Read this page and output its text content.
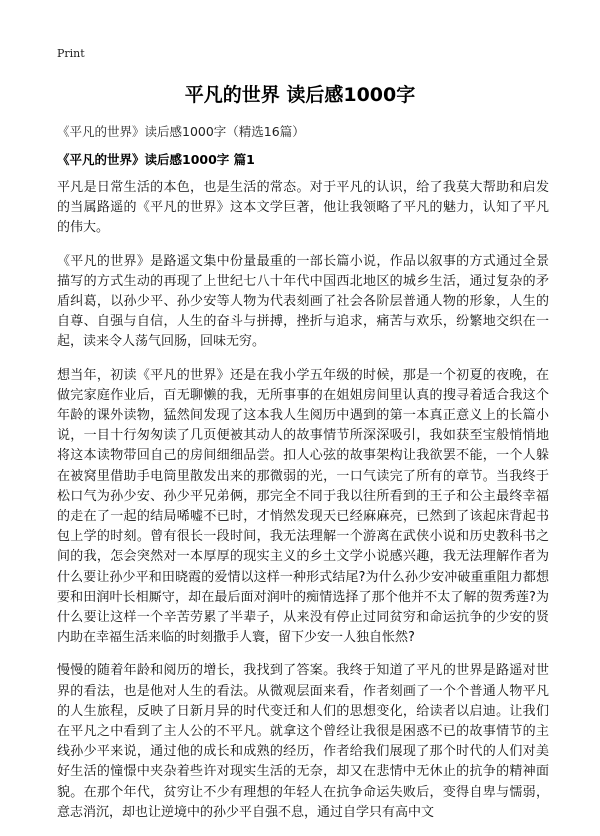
Print
平凡的世界 读后感1000字

《平凡的世界》读后感1000字（精选16篇）

《平凡的世界》读后感1000字 篇1

平凡是日常生活的本色，也是生活的常态。对于平凡的认识，给了我莫大帮助和启发的当属路遥的《平凡的世界》这本文学巨著，他让我领略了平凡的魅力，认知了平凡的伟大。

《平凡的世界》是路遥文集中份量最重的一部长篇小说，作品以叙事的方式通过全景描写的方式生动的再现了上世纪七八十年代中国西北地区的城乡生活，通过复杂的矛盾纠葛，以孙少平、孙少安等人物为代表刻画了社会各阶层普通人物的形象，人生的自尊、自强与自信，人生的奋斗与拼搏，挫折与追求，痛苦与欢乐，纷繁地交织在一起，读来令人荡气回肠，回味无穷。

想当年，初读《平凡的世界》还是在我小学五年级的时候，那是一个初夏的夜晚，在做完家庭作业后，百无聊懒的我，无所事事的在姐姐房间里认真的搜寻着适合我这个年龄的课外读物，猛然间发现了这本我人生阅历中遇到的第一本真正意义上的长篇小说，一目十行匆匆读了几页便被其动人的故事情节所深深吸引，我如获至宝般悄悄地将这本读物带回自己的房间细细品尝。扣人心弦的故事架构让我欲罢不能，一个人躲在被窝里借助手电筒里散发出来的那微弱的光，一口气读完了所有的章节。当我终于松口气为孙少安、孙少平兄弟俩，那完全不同于我以往所看到的王子和公主最终幸福的走在了一起的结局唏嘘不已时，才悄然发现天已经麻麻亮，已然到了该起床背起书包上学的时刻。曾有很长一段时间，我无法理解一个游离在武侠小说和历史教科书之间的我，怎会突然对一本厚厚的现实主义的乡土文学小说感兴趣，我无法理解作者为什么要让孙少平和田晓霞的爱情以这样一种形式结尾?为什么孙少安冲破重重阻力都想要和田润叶长相厮守，却在最后面对润叶的痴情选择了那个他并不太了解的贺秀莲?为什么要让这样一个辛苦劳累了半辈子，从来没有停止过同贫穷和命运抗争的少安的贤内助在幸福生活来临的时刻撒手人寰，留下少安一人独自怅然?

慢慢的随着年龄和阅历的增长，我找到了答案。我终于知道了平凡的世界是路遥对世界的看法，也是他对人生的看法。从微观层面来看，作者刻画了一个个普通人物平凡的人生旅程，反映了日新月异的时代变迁和人们的思想变化，给读者以启迪。让我们在平凡之中看到了主人公的不平凡。就拿这个曾经让我很是困惑不已的故事情节的主线孙少平来说，通过他的成长和成熟的经历，作者给我们展现了那个时代的人们对美好生活的憧憬中夹杂着些许对现实生活的无奈，却又在悲情中无休止的抗争的精神面貌。在那个年代，贫穷让不少有理想的年轻人在抗争命运失败后，变得自卑与懦弱，意志消沉，却也让逆境中的孙少平自强不息，通过自学只有高中文
